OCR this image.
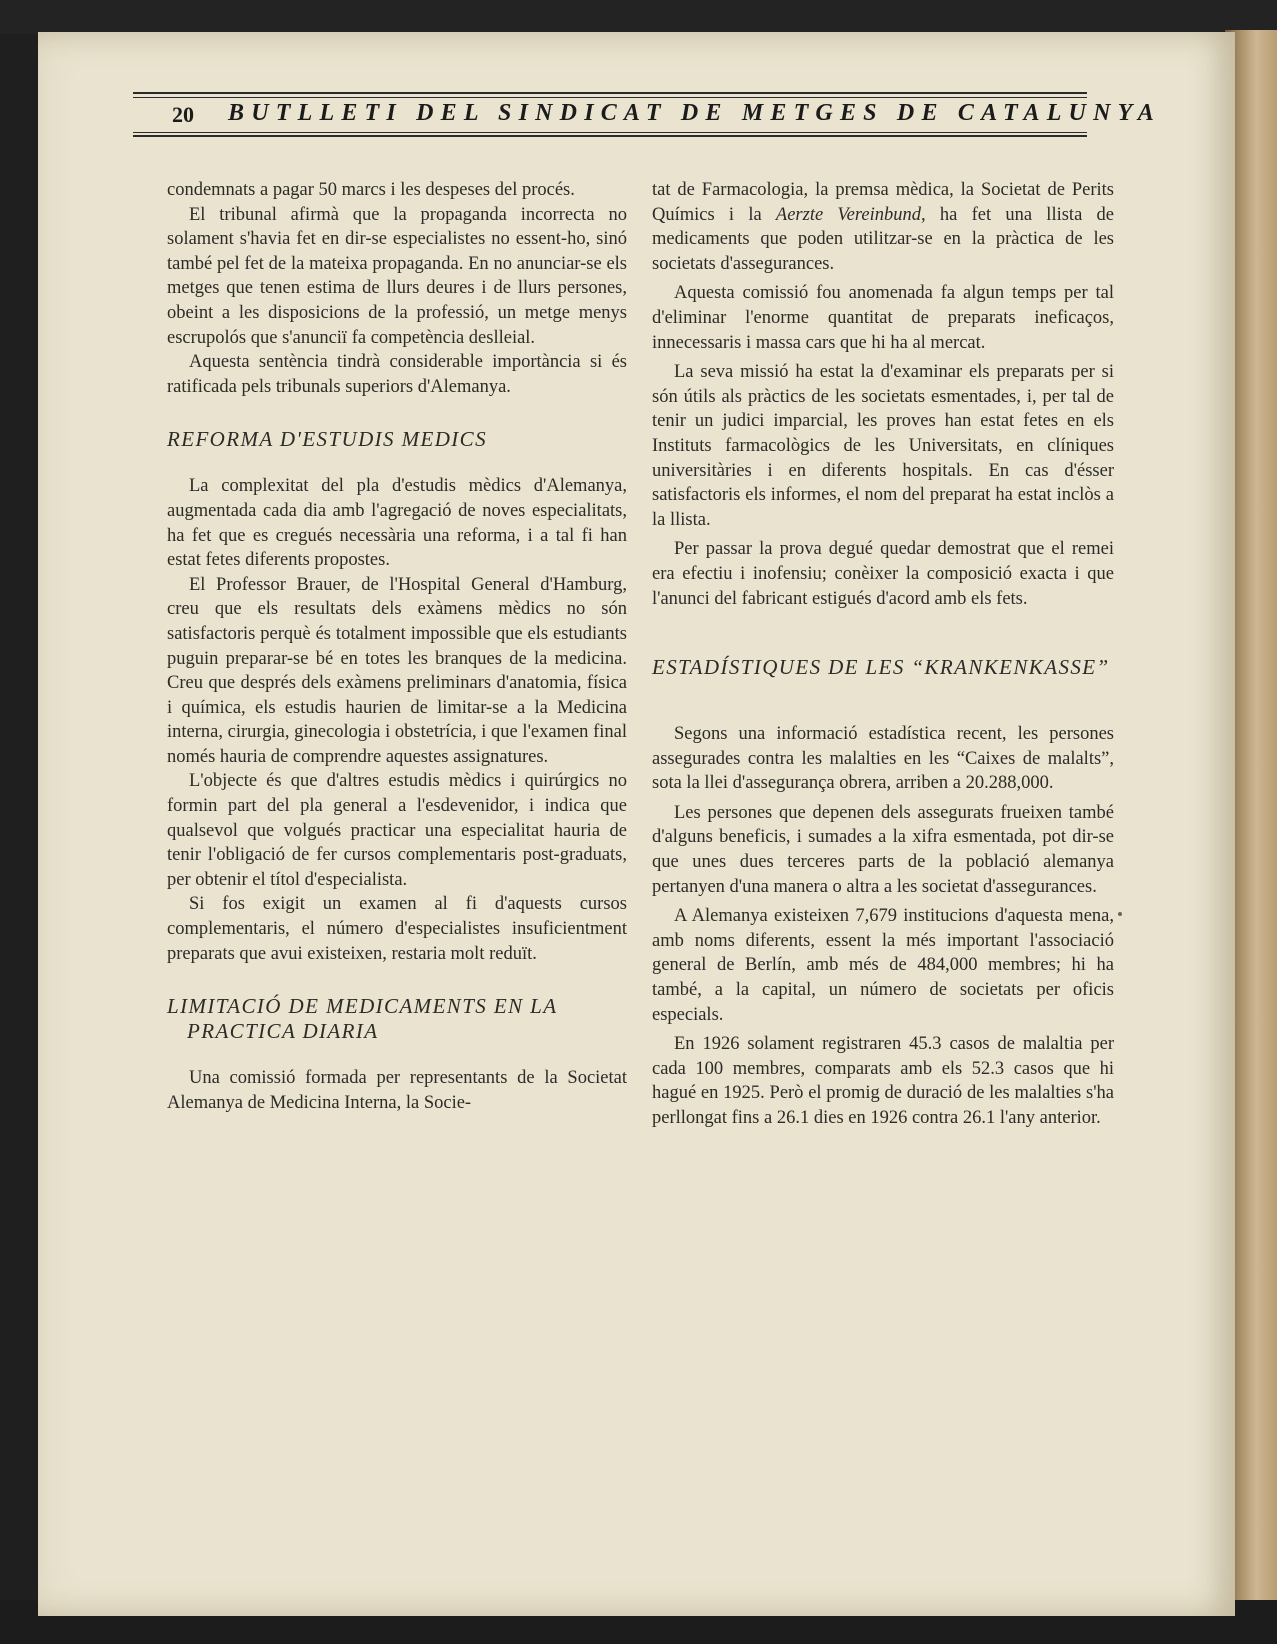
20 BUTLLETI DEL SINDICAT DE METGES DE CATALUNYA

condemnats a pagar 50 marcs i les despeses del procés.

El tribunal afirmà que la propaganda incorrecta no solament s'havia fet en dir-se especialistes no essent-ho, sinó també pel fet de la mateixa propaganda. En no anunciar-se els metges que tenen estima de llurs deures i de llurs persones, obeint a les disposicions de la professió, un metge menys escrupolós que s'anunciï fa competència deslleial.

Aquesta sentència tindrà considerable importància si és ratificada pels tribunals superiors d'Alemanya.

REFORMA D'ESTUDIS MEDICS

La complexitat del pla d'estudis mèdics d'Alemanya, augmentada cada dia amb l'agregació de noves especialitats, ha fet que es cregués necessària una reforma, i a tal fi han estat fetes diferents propostes.

El Professor Brauer, de l'Hospital General d'Hamburg, creu que els resultats dels exàmens mèdics no són satisfactoris perquè és totalment impossible que els estudiants puguin preparar-se bé en totes les branques de la medicina. Creu que després dels exàmens preliminars d'anatomia, física i química, els estudis haurien de limitar-se a la Medicina interna, cirurgia, ginecologia i obstetrícia, i que l'examen final només hauria de comprendre aquestes assignatures.

L'objecte és que d'altres estudis mèdics i quirúrgics no formin part del pla general a l'esdevenidor, i indica que qualsevol que volgués practicar una especialitat hauria de tenir l'obligació de fer cursos complementaris post-graduats, per obtenir el títol d'especialista.

Si fos exigit un examen al fi d'aquests cursos complementaris, el número d'especialistes insuficientment preparats que avui existeixen, restaria molt reduït.

LIMITACIÓ DE MEDICAMENTS EN LA PRACTICA DIARIA

Una comissió formada per representants de la Societat Alemanya de Medicina Interna, la Socie-

tat de Farmacologia, la premsa mèdica, la Societat de Perits Químics i la Aerzte Vereinbund, ha fet una llista de medicaments que poden utilitzar-se en la pràctica de les societats d'assegurances.

Aquesta comissió fou anomenada fa algun temps per tal d'eliminar l'enorme quantitat de preparats ineficaços, innecessaris i massa cars que hi ha al mercat.

La seva missió ha estat la d'examinar els preparats per si són útils als pràctics de les societats esmentades, i, per tal de tenir un judici imparcial, les proves han estat fetes en els Instituts farmacològics de les Universitats, en clíniques universitàries i en diferents hospitals. En cas d'ésser satisfactoris els informes, el nom del preparat ha estat inclòs a la llista.

Per passar la prova degué quedar demostrat que el remei era efectiu i inofensiu; conèixer la composició exacta i que l'anunci del fabricant estigués d'acord amb els fets.

ESTADÍSTIQUES DE LES “KRANKENKASSE”

Segons una informació estadística recent, les persones assegurades contra les malalties en les “Caixes de malalts”, sota la llei d'assegurança obrera, arriben a 20.288,000.

Les persones que depenen dels assegurats frueixen també d'alguns beneficis, i sumades a la xifra esmentada, pot dir-se que unes dues terceres parts de la població alemanya pertanyen d'una manera o altra a les societat d'assegurances.

A Alemanya existeixen 7,679 institucions d'aquesta mena, amb noms diferents, essent la més important l'associació general de Berlín, amb més de 484,000 membres; hi ha també, a la capital, un número de societats per oficis especials.

En 1926 solament registraren 45.3 casos de malaltia per cada 100 membres, comparats amb els 52.3 casos que hi hagué en 1925. Però el promig de duració de les malalties s'ha perllongat fins a 26.1 dies en 1926 contra 26.1 l'any anterior.
